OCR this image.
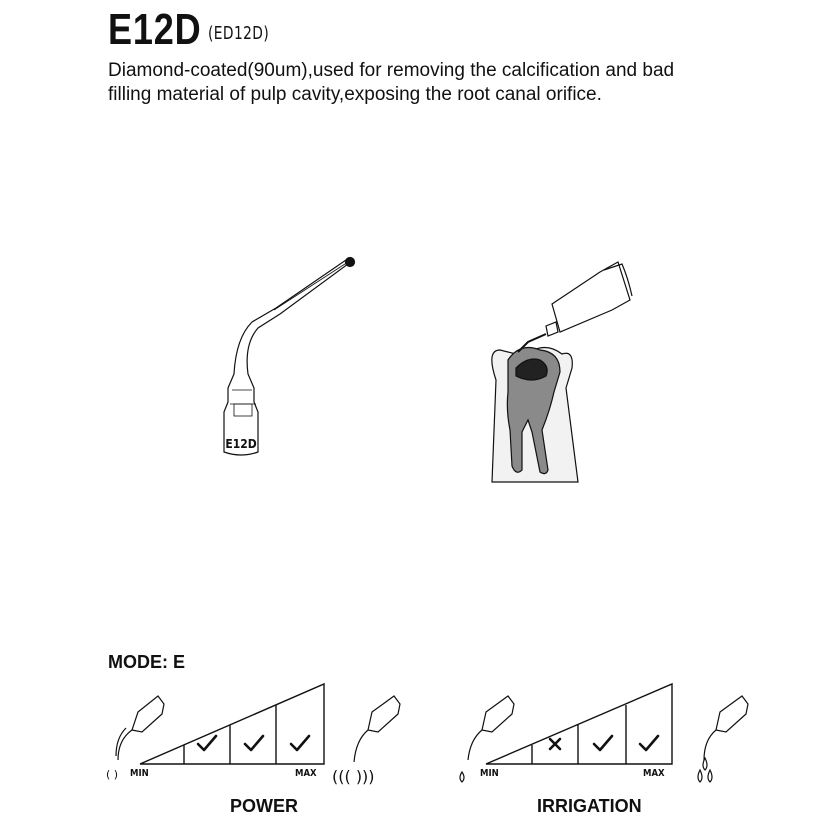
E12D (ED12D)
Diamond-coated(90um),used for removing the calcification and bad
filling material of pulp cavity,exposing the root canal orifice.
E12D
( )	((( )))
MODE: E
MIN	MAX	MIN	MAX
POWER	IRRIGATION
